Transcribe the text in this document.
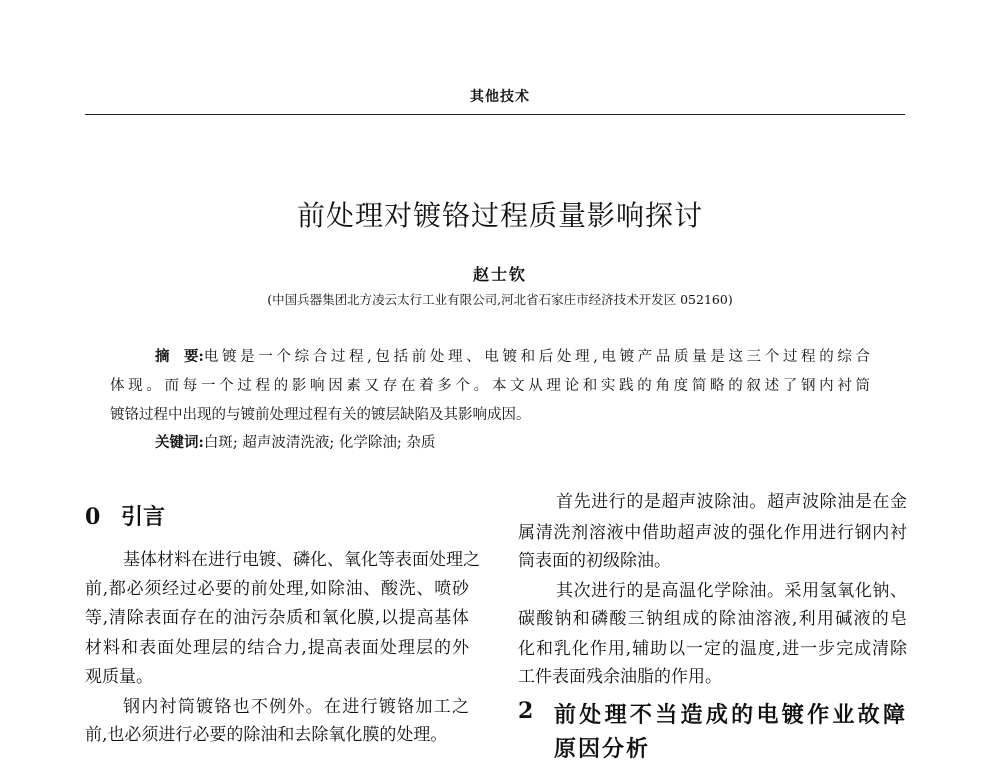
其他技术
前处理对镀铬过程质量影响探讨
赵士钦
(中国兵器集团北方凌云太行工业有限公司,河北省石家庄市经济技术开发区 052160)
摘　要: 电镀是一个综合过程,包括前处理、电镀和后处理,电镀产品质量是这三个过程的综合
体现。而每一个过程的影响因素又存在着多个。本文从理论和实践的角度简略的叙述了钢内衬筒
镀铬过程中出现的与镀前处理过程有关的镀层缺陷及其影响成因。
关键词:白斑; 超声波清洗液; 化学除油; 杂质
0 引言
基体材料在进行电镀、磷化、氧化等表面处理之
前,都必须经过必要的前处理,如除油、酸洗、喷砂
等,清除表面存在的油污杂质和氧化膜,以提高基体
材料和表面处理层的结合力,提高表面处理层的外
观质量。
钢内衬筒镀铬也不例外。在进行镀铬加工之
前,也必须进行必要的除油和去除氧化膜的处理。
首先进行的是超声波除油。超声波除油是在金
属清洗剂溶液中借助超声波的强化作用进行钢内衬
筒表面的初级除油。
其次进行的是高温化学除油。采用氢氧化钠、
碳酸钠和磷酸三钠组成的除油溶液,利用碱液的皂
化和乳化作用,辅助以一定的温度,进一步完成清除
工件表面残余油脂的作用。
2 前处理不当造成的电镀作业故障
原因分析
